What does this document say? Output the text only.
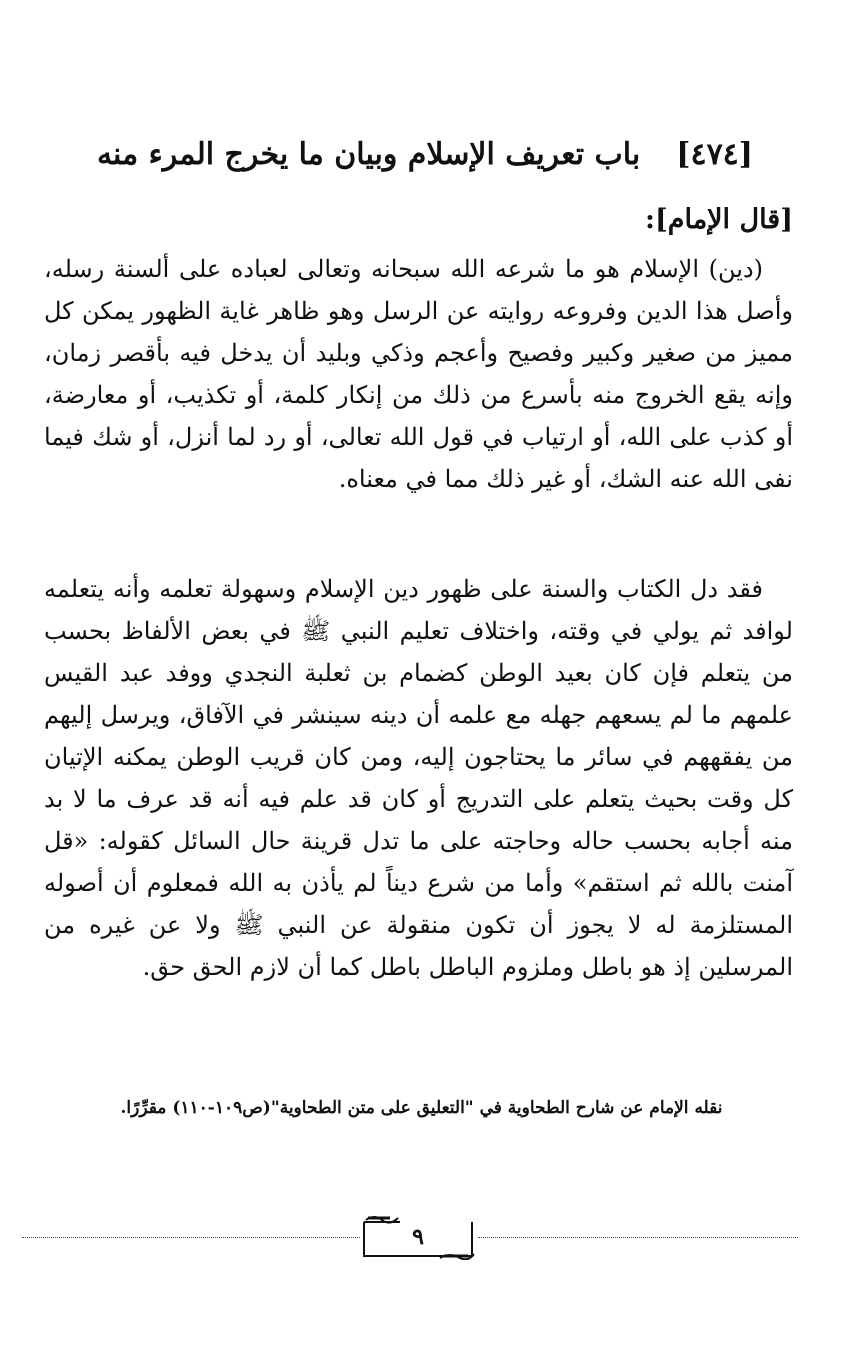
[٤٧٤]باب تعريف الإسلام وبيان ما يخرج المرء منه
[قال الإمام]:

(دين) الإسلام هو ما شرعه الله سبحانه وتعالى لعباده على ألسنة رسله، وأصل هذا الدين وفروعه روايته عن الرسل وهو ظاهر غاية الظهور يمكن كل مميز من صغير وكبير وفصيح وأعجم وذكي وبليد أن يدخل فيه بأقصر زمان، وإنه يقع الخروج منه بأسرع من ذلك من إنكار كلمة، أو تكذيب، أو معارضة، أو كذب على الله، أو ارتياب في قول الله تعالى، أو رد لما أنزل، أو شك فيما نفى الله عنه الشك، أو غير ذلك مما في معناه.

فقد دل الكتاب والسنة على ظهور دين الإسلام وسهولة تعلمه وأنه يتعلمه لوافد ثم يولي في وقته، واختلاف تعليم النبي ﷺ في بعض الألفاظ بحسب من يتعلم فإن كان بعيد الوطن كضمام بن ثعلبة النجدي ووفد عبد القيس علمهم ما لم يسعهم جهله مع علمه أن دينه سينشر في الآفاق، ويرسل إليهم من يفقههم في سائر ما يحتاجون إليه، ومن كان قريب الوطن يمكنه الإتيان كل وقت بحيث يتعلم على التدريج أو كان قد علم فيه أنه قد عرف ما لا بد منه أجابه بحسب حاله وحاجته على ما تدل قرينة حال السائل كقوله: «قل آمنت بالله ثم استقم» وأما من شرع ديناً لم يأذن به الله فمعلوم أن أصوله المستلزمة له لا يجوز أن تكون منقولة عن النبي ﷺ ولا عن غيره من المرسلين إذ هو باطل وملزوم الباطل باطل كما أن لازم الحق حق.

نقله الإمام عن شارح الطحاوية في "التعليق على متن الطحاوية"(ص١٠٩-١١٠) مقرِّرًا.
٩
